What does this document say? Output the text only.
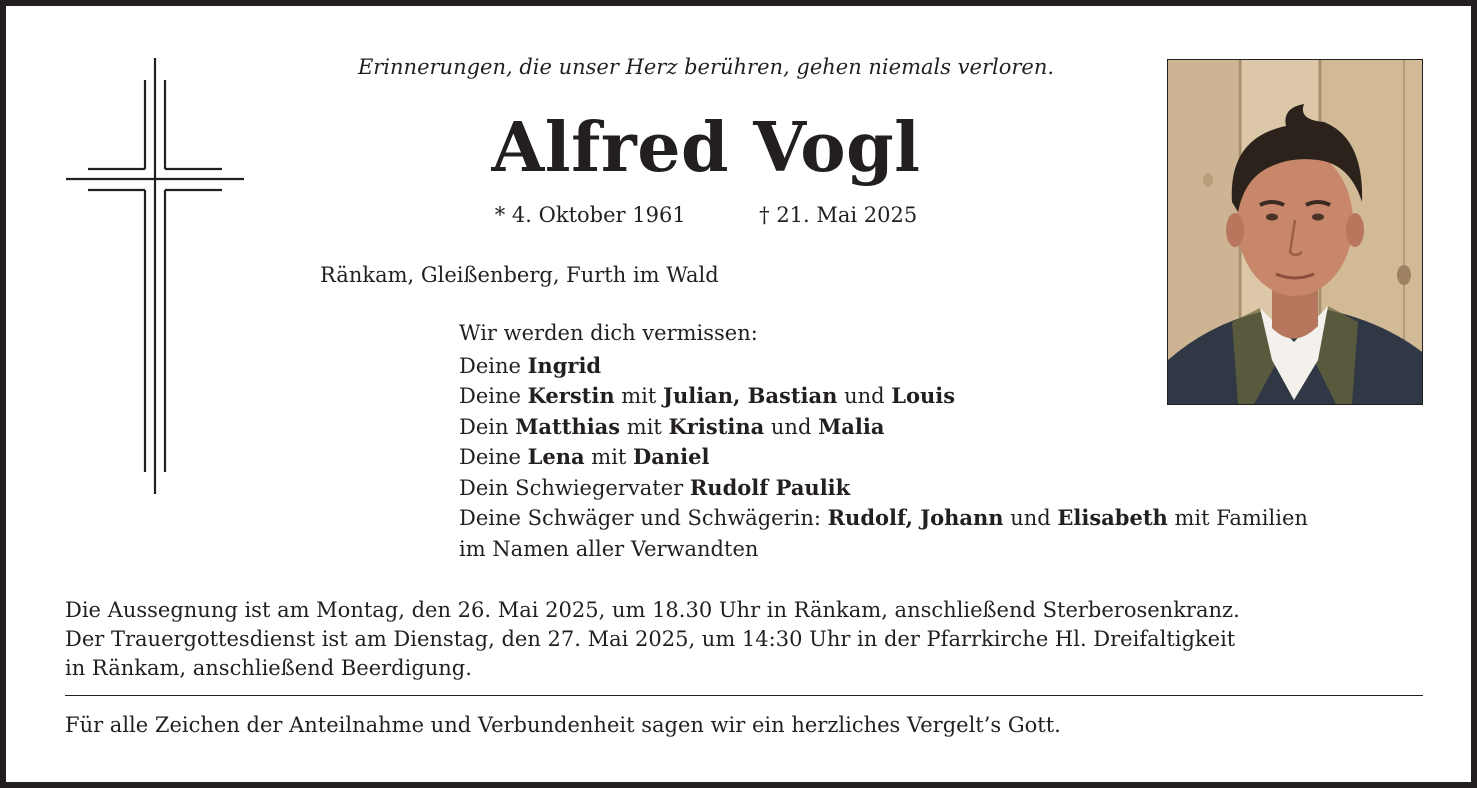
Erinnerungen, die unser Herz berühren, gehen niemals verloren.
Alfred Vogl
* 4. Oktober 1961	† 21. Mai 2025
Ränkam, Gleißenberg, Furth im Wald
Wir werden dich vermissen:
Deine Ingrid
Deine Kerstin mit Julian, Bastian und Louis
Dein Matthias mit Kristina und Malia
Deine Lena mit Daniel
Dein Schwiegervater Rudolf Paulik
Deine Schwäger und Schwägerin: Rudolf, Johann und Elisabeth mit Familien
im Namen aller Verwandten
Die Aussegnung ist am Montag, den 26. Mai 2025, um 18.30 Uhr in Ränkam, anschließend Sterberosenkranz.
Der Trauergottesdienst ist am Dienstag, den 27. Mai 2025, um 14:30 Uhr in der Pfarrkirche Hl. Dreifaltigkeit
in Ränkam, anschließend Beerdigung.
Für alle Zeichen der Anteilnahme und Verbundenheit sagen wir ein herzliches Vergelt’s Gott.
